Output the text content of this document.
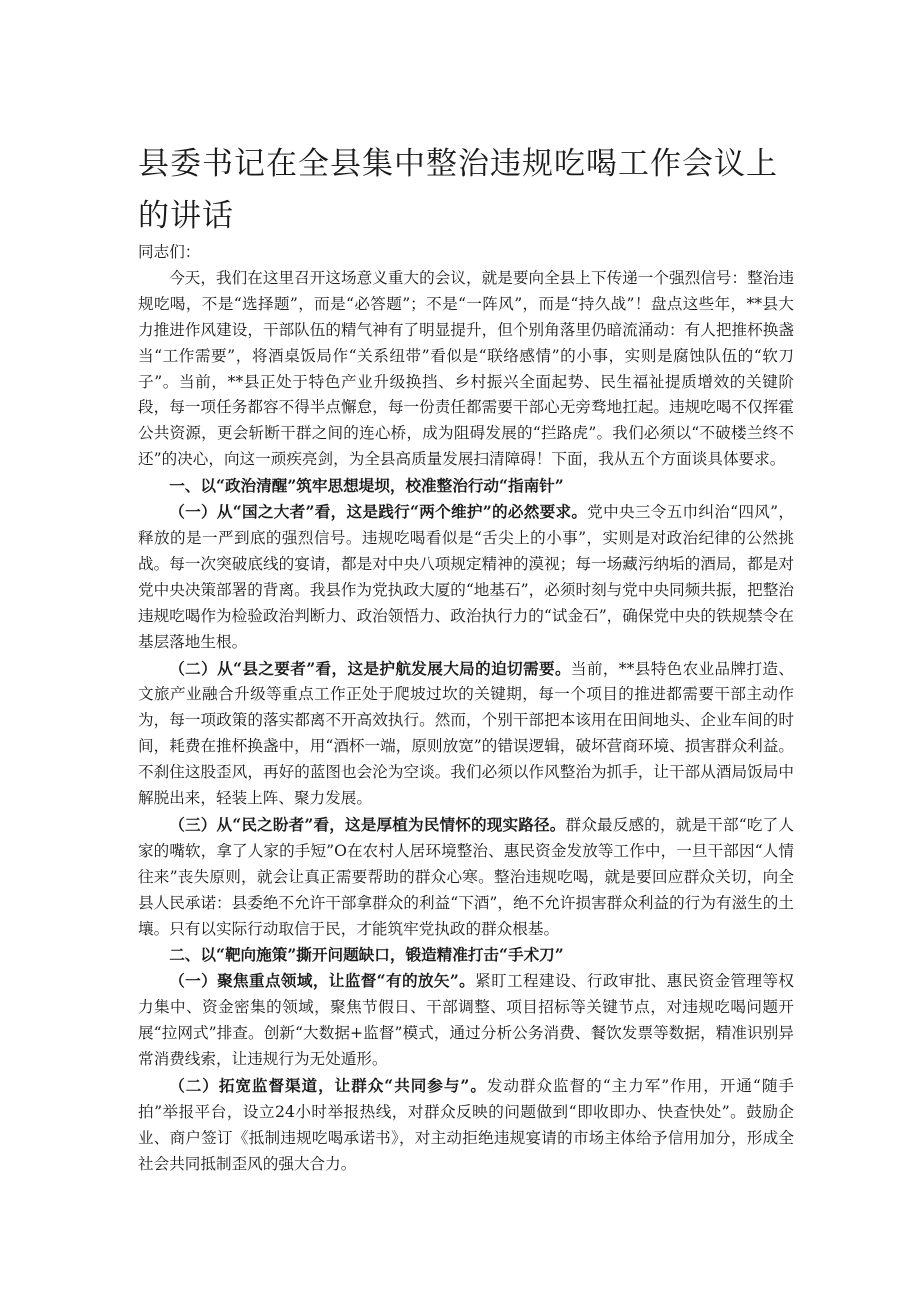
县委书记在全县集中整治违规吃喝工作会议上的讲话

同志们：

今天，我们在这里召开这场意义重大的会议，就是要向全县上下传递一个强烈信号：整治违规吃喝，不是“选择题”，而是“必答题”；不是“一阵风”，而是“持久战”！盘点这些年，**县大力推进作风建设，干部队伍的精气神有了明显提升，但个别角落里仍暗流涌动：有人把推杯换盏当“工作需要”，将酒桌饭局作“关系纽带”看似是“联络感情”的小事，实则是腐蚀队伍的“软刀子”。当前，**县正处于特色产业升级换挡、乡村振兴全面起势、民生福祉提质增效的关键阶段，每一项任务都容不得半点懈怠，每一份责任都需要干部心无旁骛地扛起。违规吃喝不仅挥霍公共资源，更会斩断干群之间的连心桥，成为阻碍发展的“拦路虎”。我们必须以“不破楼兰终不还”的决心，向这一顽疾亮剑，为全县高质量发展扫清障碍！下面，我从五个方面谈具体要求。

一、以“政治清醒”筑牢思想堤坝，校准整治行动“指南针”

（一）从“国之大者”看，这是践行“两个维护”的必然要求。党中央三令五巾纠治“四风”，释放的是一严到底的强烈信号。违规吃喝看似是“舌尖上的小事”，实则是对政治纪律的公然挑战。每一次突破底线的宴请，都是对中央八项规定精神的漠视；每一场藏污纳垢的酒局，都是对党中央决策部署的背离。我县作为党执政大厦的“地基石”，必须时刻与党中央同频共振，把整治违规吃喝作为检验政治判断力、政治领悟力、政治执行力的“试金石”，确保党中央的铁规禁令在基层落地生根。

（二）从“县之要者”看，这是护航发展大局的迫切需要。当前，**县特色农业品牌打造、文旅产业融合升级等重点工作正处于爬坡过坎的关键期，每一个项目的推进都需要干部主动作为，每一项政策的落实都离不开高效执行。然而，个别干部把本该用在田间地头、企业车间的时间，耗费在推杯换盏中，用“酒杯一端，原则放宽”的错误逻辑，破坏营商环境、损害群众利益。不刹住这股歪风，再好的蓝图也会沦为空谈。我们必须以作风整治为抓手，让干部从酒局饭局中解脱出来，轻装上阵、聚力发展。

（三）从“民之盼者”看，这是厚植为民情怀的现实路径。群众最反感的，就是干部“吃了人家的嘴软，拿了人家的手短”O在农村人居环境整治、惠民资金发放等工作中，一旦干部因“人情往来”丧失原则，就会让真正需要帮助的群众心寒。整治违规吃喝，就是要回应群众关切，向全县人民承诺：县委绝不允许干部拿群众的利益“下酒”，绝不允许损害群众利益的行为有滋生的土壤。只有以实际行动取信于民，才能筑牢党执政的群众根基。

二、以“靶向施策”撕开问题缺口，锻造精准打击“手术刀”

（一）聚焦重点领域，让监督“有的放矢”。紧盯工程建设、行政审批、惠民资金管理等权力集中、资金密集的领域，聚焦节假日、干部调整、项目招标等关键节点，对违规吃喝问题开展“拉网式”排查。创新“大数据+监督”模式，通过分析公务消费、餐饮发票等数据，精准识别异常消费线索，让违规行为无处遁形。

（二）拓宽监督渠道，让群众“共同参与”。发动群众监督的“主力军”作用，开通“随手拍”举报平台，设立24小时举报热线，对群众反映的问题做到“即收即办、快查快处”。鼓励企业、商户签订《抵制违规吃喝承诺书》，对主动拒绝违规宴请的市场主体给予信用加分，形成全社会共同抵制歪风的强大合力。
